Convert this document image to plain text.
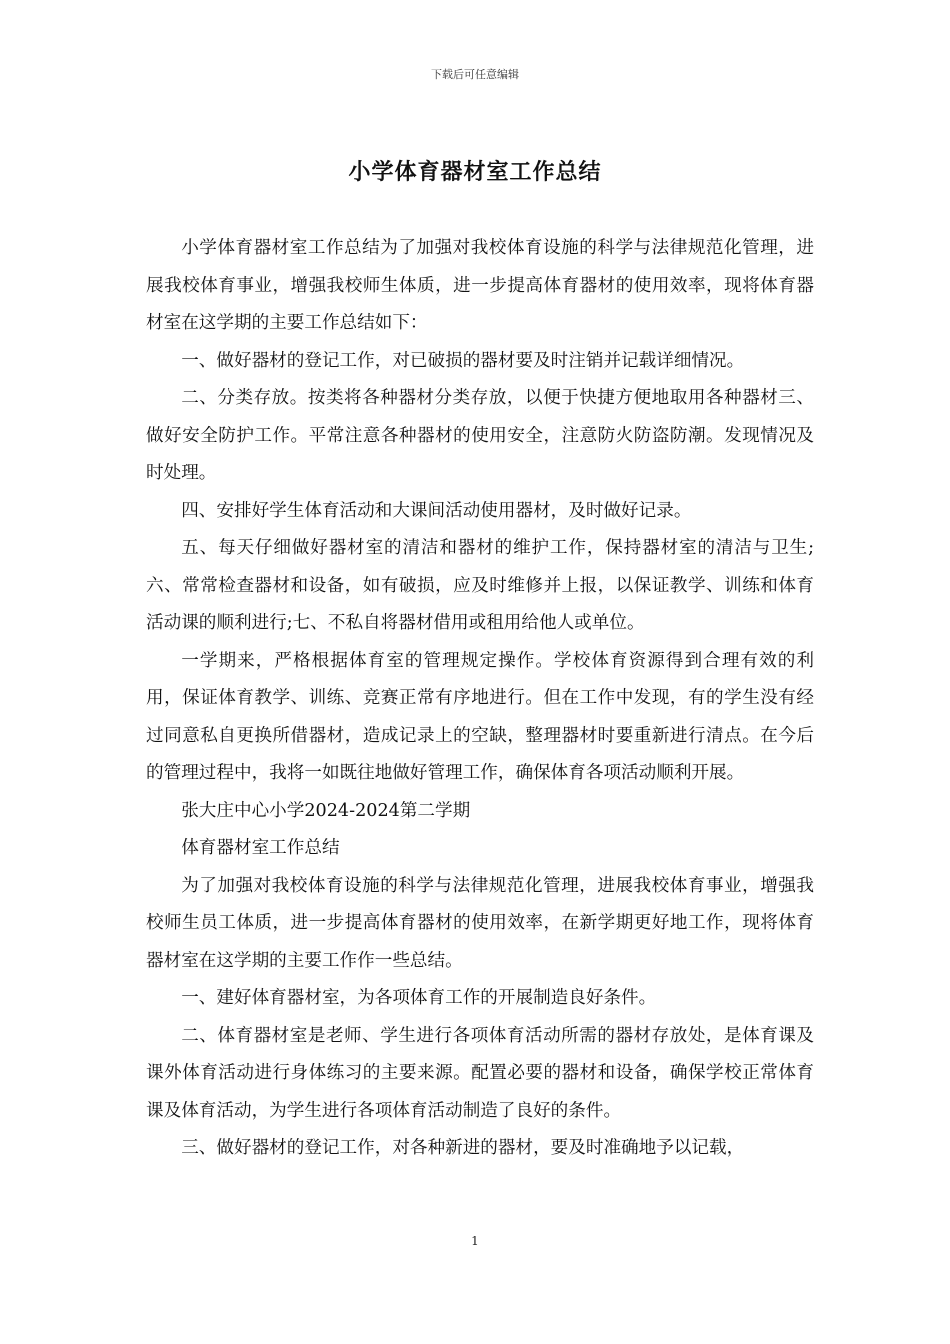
下载后可任意编辑
小学体育器材室工作总结

小学体育器材室工作总结为了加强对我校体育设施的科学与法律规范化管理，进展我校体育事业，增强我校师生体质，进一步提高体育器材的使用效率，现将体育器材室在这学期的主要工作总结如下：

一、做好器材的登记工作，对已破损的器材要及时注销并记载详细情况。

二、分类存放。按类将各种器材分类存放，以便于快捷方便地取用各种器材三、做好安全防护工作。平常注意各种器材的使用安全，注意防火防盗防潮。发现情况及时处理。

四、安排好学生体育活动和大课间活动使用器材，及时做好记录。

五、每天仔细做好器材室的清洁和器材的维护工作，保持器材室的清洁与卫生;六、常常检查器材和设备，如有破损，应及时维修并上报，以保证教学、训练和体育活动课的顺利进行;七、不私自将器材借用或租用给他人或单位。

一学期来，严格根据体育室的管理规定操作。学校体育资源得到合理有效的利用，保证体育教学、训练、竞赛正常有序地进行。但在工作中发现，有的学生没有经过同意私自更换所借器材，造成记录上的空缺，整理器材时要重新进行清点。在今后的管理过程中，我将一如既往地做好管理工作，确保体育各项活动顺利开展。

张大庄中心小学2024-2024第二学期

体育器材室工作总结

为了加强对我校体育设施的科学与法律规范化管理，进展我校体育事业，增强我校师生员工体质，进一步提高体育器材的使用效率，在新学期更好地工作，现将体育器材室在这学期的主要工作作一些总结。

一、建好体育器材室，为各项体育工作的开展制造良好条件。

二、体育器材室是老师、学生进行各项体育活动所需的器材存放处，是体育课及课外体育活动进行身体练习的主要来源。配置必要的器材和设备，确保学校正常体育课及体育活动，为学生进行各项体育活动制造了良好的条件。

三、做好器材的登记工作，对各种新进的器材，要及时准确地予以记载，

1
